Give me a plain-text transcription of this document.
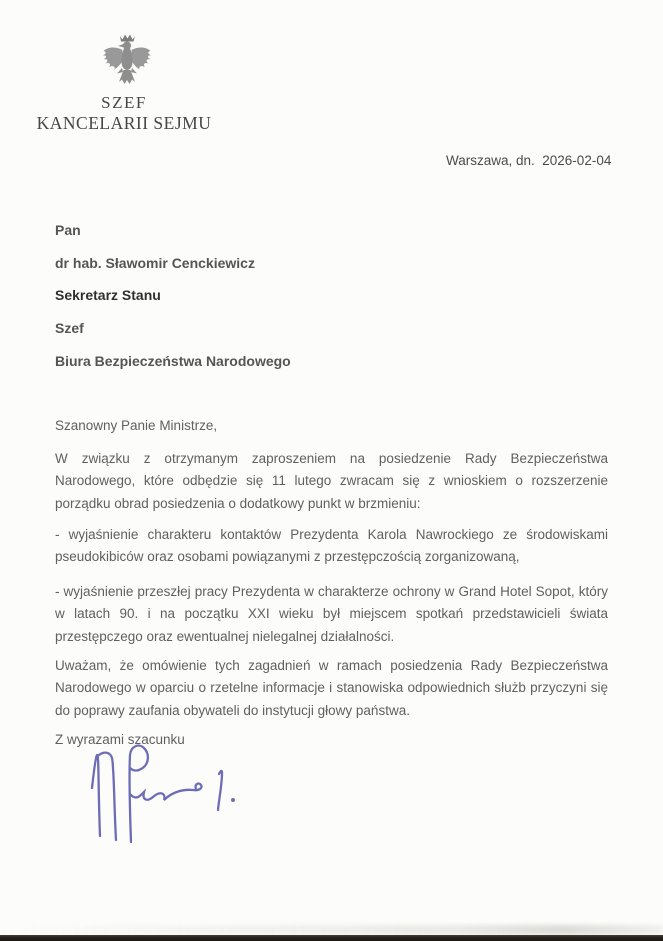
SZEF
KANCELARII SEJMU
Warszawa, dn.  2026-02-04
Pan
dr hab. Sławomir Cenckiewicz
Sekretarz Stanu
Szef
Biura Bezpieczeństwa Narodowego
Szanowny Panie Ministrze,
W związku z otrzymanym zaproszeniem na posiedzenie Rady Bezpieczeństwa Narodowego, które odbędzie się 11 lutego zwracam się z wnioskiem o rozszerzenie porządku obrad posiedzenia o dodatkowy punkt w brzmieniu:
- wyjaśnienie charakteru kontaktów Prezydenta Karola Nawrockiego ze środowiskami pseudokibiców oraz osobami powiązanymi z przestępczością zorganizowaną,
- wyjaśnienie przeszłej pracy Prezydenta w charakterze ochrony w Grand Hotel Sopot, który w latach 90. i na początku XXI wieku był miejscem spotkań przedstawicieli świata przestępczego oraz ewentualnej nielegalnej działalności.
Uważam, że omówienie tych zagadnień w ramach posiedzenia Rady Bezpieczeństwa Narodowego w oparciu o rzetelne informacje i stanowiska odpowiednich służb przyczyni się do poprawy zaufania obywateli do instytucji głowy państwa.
Z wyrazami szacunku
